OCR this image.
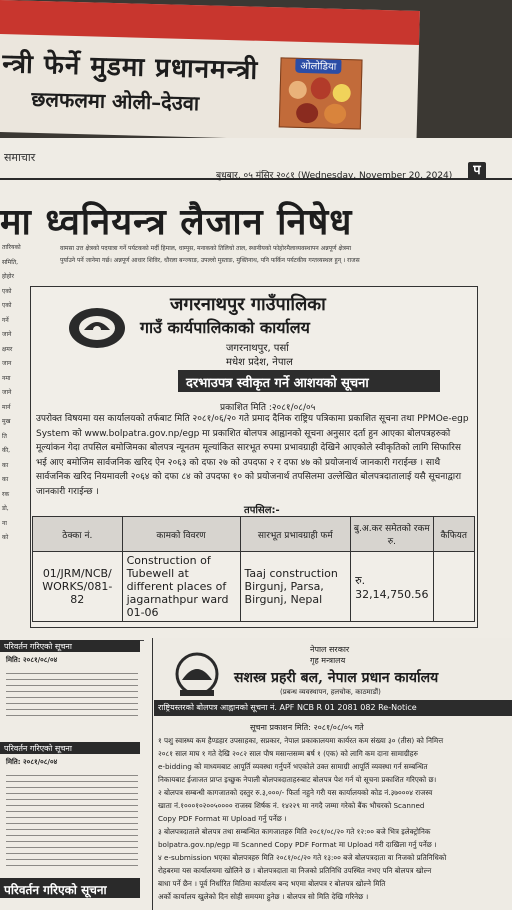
न्त्री फेर्ने मुडमा प्रधानमन्त्री
छलफलमा ओली–देउवा
ओलोडिया
समाचार
बुधबार, ०५ मंसिर २०८१ (Wednesday, November 20, 2024)	प
मा ध्वनियन्त्र लैजान निषेध
वामसा उत्त क्षेत्रको पदयात्रा गर्ने पर्यटकको मर्दी हिमाल, धाम्पुस, मनाकको तिलिचो ताल, स्थानीयको फोहोरमैलाव्यवस्थापन अन्नपूर्ण क्षेत्रमा
पुर्याउने पर्ने जानेमा गर्छ। अन्नपूर्ण आधार शिविर, धौरला बन्ज्याङ, उपल्लो मुस्ताङ, मुक्तिनाथ, पनि फर्किन पर्यटकीय गन्तव्यस्थल हुन् । राजस
तारियको
समिति,
होहोर
एको
एको
गर्ने
जाने
क्षमर
जान
नमा
जाने
मार्न
मुख
ति
की,
का
का
रक
डो,
ना
को
जगरनाथपुर गाउँपालिका
गाउँ कार्यपालिकाको कार्यालय
जगरनाथपुर, पर्सा
मधेश प्रदेश, नेपाल
दरभाउपत्र स्वीकृत गर्ने आशयको सूचना
प्रकाशित मिति :२०८१/०८/०५
उपरोक्त विषयमा यस कार्यालयको तर्फबाट मिति २०८१/०६/२० गते प्रमाद दैनिक राष्ट्रिय पत्रिकामा प्रकाशित सूचना तथा PPMOe-egp System को www.bolpatra.gov.np/egp मा प्रकाशित बोलपत्र आह्वानको सूचना अनुसार दर्ता हुन आएका बोलपत्रहरुको मूल्यांकन गेदा तपसिल बमोजिमका बोलपत्र न्यूनतम मूल्यांकित सारभूत रुपमा प्रभावग्राही देखिने आएकोले स्वीकृतिको लागि सिफारिस भई आए बमोजिम सार्वजनिक खरिद ऐन २०६३ को दफा २७ को उपदफा २ र दफा ४७ को प्रयोजनार्थ जानकारी गराईन्छ । साथै सार्वजनिक खरिद नियमावली २०६४ को दफा ८४ को उपदफा १० को प्रयोजनार्थ तपसिलमा उल्लेखित बोलपत्रदातालाई यसै सूचनाद्वारा जानकारी गराईन्छ ।
तपसिल:-
ठेक्का नं.	कामको विवरण	सारभूत प्रभावग्राही फर्म	बु.अ.कर समेतको रकम रु.	कैफियत
01/JRM/NCB/ WORKS/081-82	Construction of Tubewell at different places of jagarnathpur ward 01-06	Taaj construction Birgunj, Parsa, Birgunj, Nepal	रु. 32,14,750.56	
परिवर्तन गरिएको सूचना
मिति: २०८१/०८/०४
परिवर्तन गरिएको सूचना
मिति: २०८१/०८/०४
परिवर्तन गरिएको सूचना
नेपाल सरकार
गृह मन्त्रालय
सशस्त्र प्रहरी बल, नेपाल प्रधान कार्यालय
(प्रबन्ध व्यवस्थापन, हलचोक, काठमाडौं)
राष्ट्रियस्तरको बोलपत्र आह्वानको सूचना नं. APF NCB R 01 2081 082 Re-Notice
सूचना प्रकाशन मिति: २०८१/०८/०५ गते
१ पशु स्वास्थ्य कम हैण्डहार उपसाहका, सप्रकार, नेपाल प्रकाकालयमा कार्यरत कम संख्या ३० (तीस) को निमित्त
२०८१ साल माघ १ गते देखि २०८२ साल पौष मसान्तसम्म बर्ष १ (एक) को लागि कम दाना सामाग्रीहरु
e-bidding को माध्यमबाट आपूर्ति व्यवस्था गर्नुपर्ने भएकोले उक्त सामाग्री आपूर्ति व्यवस्था गर्न सम्बन्धित
निकायबाट ईजाजत प्राप्त इच्छुक नेपाली बोलपत्रदाताहरुबाट बोलपत्र पेश गर्न यो सूचना प्रकाशित गरिएको छ।
२ बोलपत्र सम्बन्धी कागजातको दस्तुर रु.३,०००/- फिर्ता नहुने गरी यस कार्यालयको कोड नं.३७०००४ राजस्व
खाता नं.१०००१०२००५०००० राजस्व शिर्षक नं. १४२२९ मा नगदै जम्मा गरेको बैंक भौचरको Scanned
Copy PDF Format मा Upload गर्नु पर्नेछ ।
३ बोलपत्रदाताले बोलपत्र तथा सम्बन्धित कागजातहरु मिति २०८१/०८/२० गते १२:०० बजे भित्र इलेक्ट्रोनिक
bolpatra.gov.np/egp मा Scanned Copy PDF Format मा Upload गरी दाखिला गर्नु पर्नेछ ।
४ e-submission भएका बोलपत्रहरु मिति २०८१/०८/२० गते १३:०० बजे बोलपत्रदाता वा निजको प्रतिनिधिको
रोहबरमा यस कार्यालयमा खोलिने छ । बोलपत्रदाता वा निजको प्रतिनिधि उपस्थित नभए पनि बोलपत्र खोल्न
बाधा पर्ने छैन । पूर्व निर्धारित मितिमा कार्यालय बन्द भएमा बोलपत्र र बोलपत्र खोल्ने मिति
अर्को कार्यालय खुलेको दिन सोही समयमा हुनेछ । बोलपत्र सो मिति देखि गरिनेछ ।
